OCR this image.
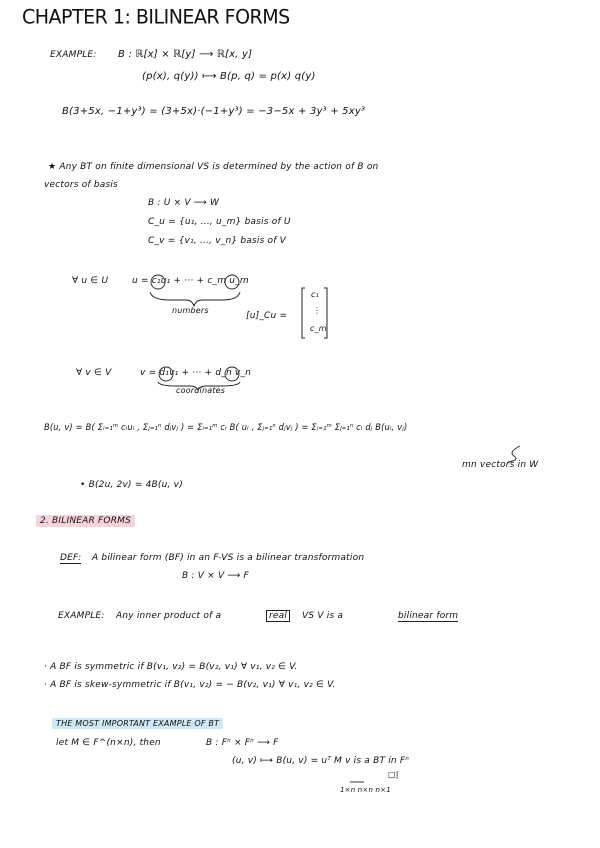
CHAPTER 1: BILINEAR FORMS
EXAMPLE: B : ℝ[x] × ℝ[y] ⟶ ℝ[x, y]
(p(x), q(y)) ⟼ B(p, q) = p(x) q(y)
B(3+5x, −1+y³) = (3+5x)·(−1+y³) = −3−5x + 3y³ + 5xy³
★ Any BT on finite dimensional VS is determined by the action of B on
vectors of basis
B : U × V ⟶ W
C_u = {u₁, ..., u_m} basis of U
C_v = {v₁, ..., v_n} basis of V
∀ u ∈ U	u = c₁u₁ + ··· + c_m u_m
numbers
[u]_Cu =
c₁
⋮
c_m
∀ v ∈ V	v = d₁v₁ + ··· + d_n v_n
coordinates
B(u, v) = B( Σᵢ₌₁ᵐ cᵢuᵢ , Σⱼ₌₁ⁿ dⱼvⱼ ) = Σᵢ₌₁ᵐ cᵢ B( uᵢ , Σⱼ₌₁ⁿ dⱼvⱼ ) = Σᵢ₌₁ᵐ Σⱼ₌₁ⁿ cᵢ dⱼ B(uᵢ, vⱼ)
mn vectors in W
• B(2u, 2v) = 4B(u, v)
2. BILINEAR FORMS
DEF: A bilinear form (BF) in an F-VS is a bilinear transformation
B : V × V ⟶ F
EXAMPLE: Any inner product of a	real	VS V is a	bilinear form
· A BF is symmetric if B(v₁, v₂) = B(v₂, v₁) ∀ v₁, v₂ ∈ V.
· A BF is skew-symmetric if B(v₁, v₂) = − B(v₂, v₁) ∀ v₁, v₂ ∈ V.
THE MOST IMPORTANT EXAMPLE OF BT
let M ∈ F^(n×n), then	B : Fⁿ × Fⁿ ⟶ F
(u, v) ⟼ B(u, v) = uᵀ M v is a BT in Fⁿ
□|
1×n n×n n×1
